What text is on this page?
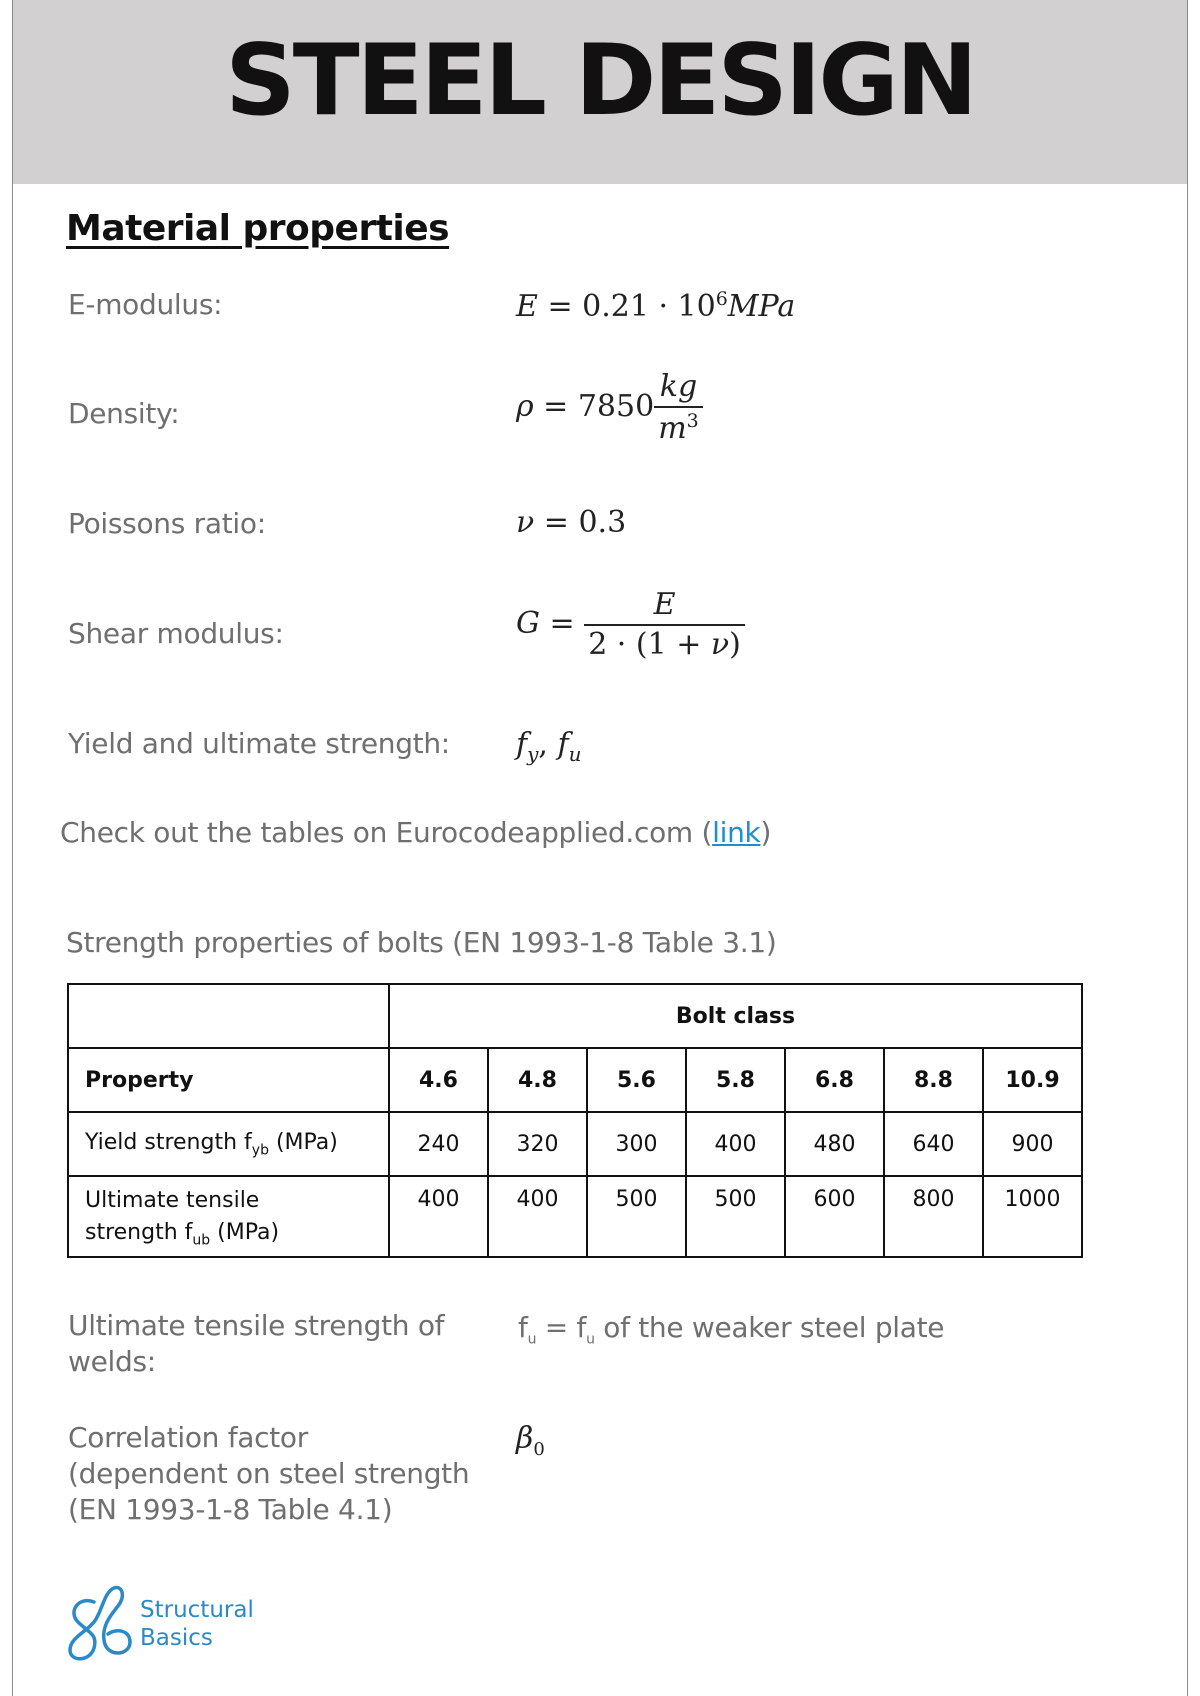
STEEL DESIGN
Material properties
E-modulus:	$E = 0.21 \cdot 10^6MPa$
Density:	$\rho = 7850 \frac{kg}{m^3}$
Poissons ratio:	ν = 0.3
Shear modulus:	$G = \frac{E}{2 \cdot (1 + \nu)}$
Yield and ultimate strength: $f_y$, $f_u$
Check out the tables on Eurocodeapplied.com (link)
Strength properties of bolts (EN 1993-1-8 Table 3.1)
	Bolt class						
Property	4.6	4.8	5.6	5.8	6.8	8.8	10.9
Yield strength $f_{yb}$ (MPa)	240	320	300	400	480	640	900
Ultimate tensile
strength $f_{ub}$ (MPa)	400	400	500	500	600	800	1000
Ultimate tensile strength of welds:
$f_u = f_u$ of the weaker steel plate
Correlation factor
(dependent on steel strength
(EN 1993-1-8 Table 4.1)
$\beta_0$
Structural
Basics
